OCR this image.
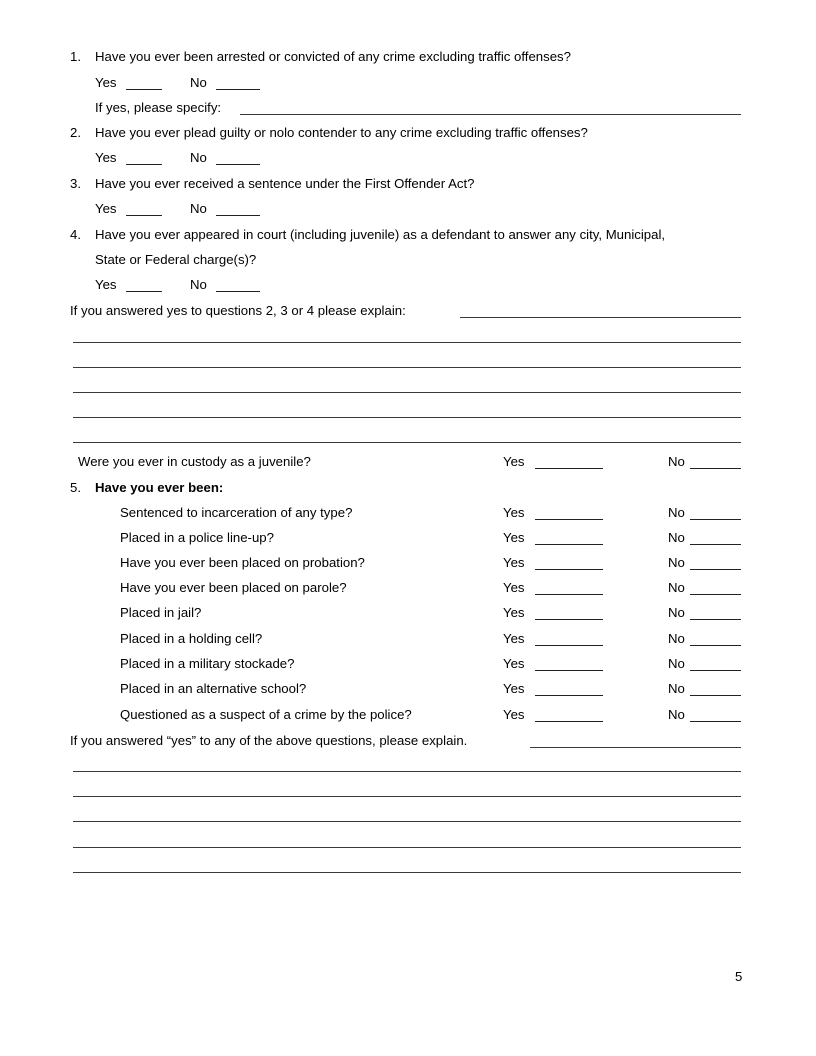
1. Have you ever been arrested or convicted of any crime excluding traffic offenses?
Yes	No
If yes, please specify:
2. Have you ever plead guilty or nolo contender to any crime excluding traffic offenses?
Yes	No
3. Have you ever received a sentence under the First Offender Act?
Yes	No
4. Have you ever appeared in court (including juvenile) as a defendant to answer any city, Municipal,
State or Federal charge(s)?
Yes	No
If you answered yes to questions 2, 3 or 4 please explain:
Were you ever in custody as a juvenile?	Yes	No
5. Have you ever been:
Sentenced to incarceration of any type?	Yes	No
Placed in a police line-up?	Yes	No
Have you ever been placed on probation?	Yes	No
Have you ever been placed on parole?	Yes	No
Placed in jail?	Yes	No
Placed in a holding cell?	Yes	No
Placed in a military stockade?	Yes	No
Placed in an alternative school?	Yes	No
Questioned as a suspect of a crime by the police?	Yes	No
If you answered “yes” to any of the above questions, please explain.
5
